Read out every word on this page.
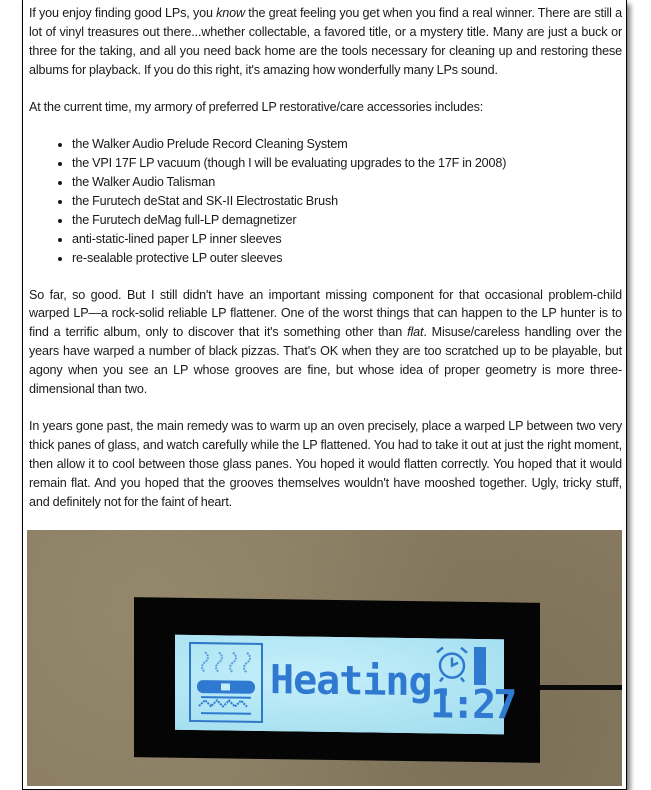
If you enjoy finding good LPs, you know the great feeling you get when you find a real winner. There are still a lot of vinyl treasures out there...whether collectable, a favored title, or a mystery title. Many are just a buck or three for the taking, and all you need back home are the tools necessary for cleaning up and restoring these albums for playback. If you do this right, it's amazing how wonderfully many LPs sound.

At the current time, my armory of preferred LP restorative/care accessories includes:

• the Walker Audio Prelude Record Cleaning System
• the VPI 17F LP vacuum (though I will be evaluating upgrades to the 17F in 2008)
• the Walker Audio Talisman
• the Furutech deStat and SK-II Electrostatic Brush
• the Furutech deMag full-LP demagnetizer
• anti-static-lined paper LP inner sleeves
• re-sealable protective LP outer sleeves

So far, so good. But I still didn't have an important missing component for that occasional problem-child warped LP—a rock-solid reliable LP flattener. One of the worst things that can happen to the LP hunter is to find a terrific album, only to discover that it's something other than flat. Misuse/careless handling over the years have warped a number of black pizzas. That's OK when they are too scratched up to be playable, but agony when you see an LP whose grooves are fine, but whose idea of proper geometry is more three-dimensional than two.

In years gone past, the main remedy was to warm up an oven precisely, place a warped LP between two very thick panes of glass, and watch carefully while the LP flattened. You had to take it out at just the right moment, then allow it to cool between those glass panes. You hoped it would flatten correctly. You hoped that it would remain flat. And you hoped that the grooves themselves wouldn't have mooshed together. Ugly, tricky stuff, and definitely not for the faint of heart.

Heating.
1:27
